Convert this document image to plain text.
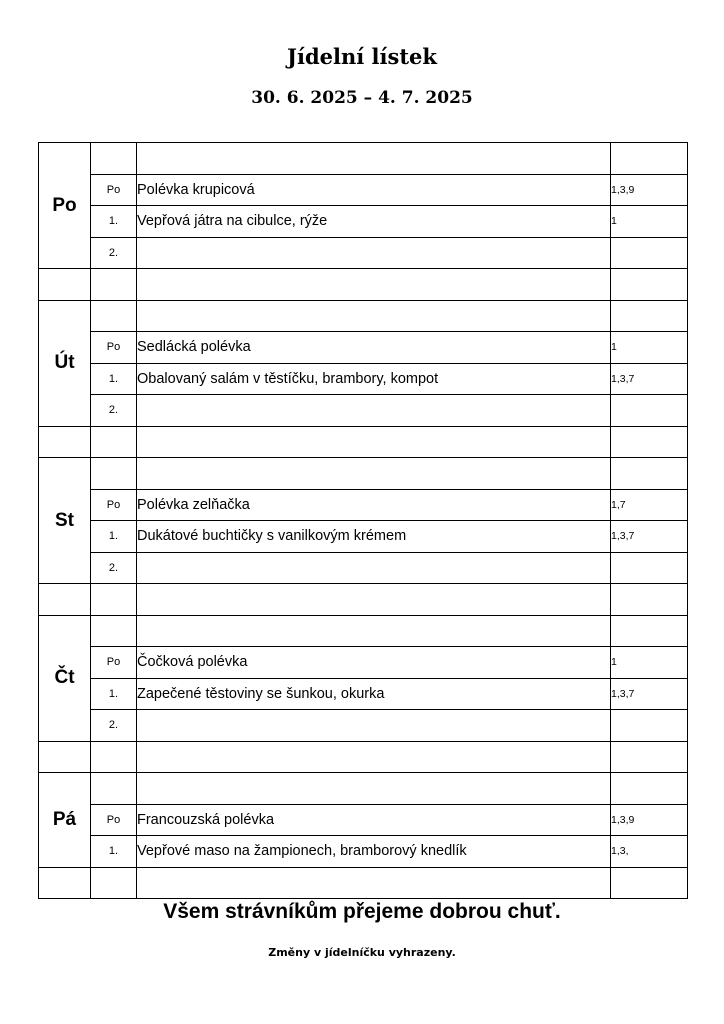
Jídelní lístek
30. 6. 2025 – 4. 7. 2025
Po			
	Po	Polévka krupicová	1,3,9
	1.	Vepřová játra na cibulce, rýže	1
	2.		

Út			
	Po	Sedlácká polévka	1
	1.	Obalovaný salám v těstíčku, brambory, kompot	1,3,7
	2.		

St			
	Po	Polévka zelňačka	1,7
	1.	Dukátové buchtičky s vanilkovým krémem	1,3,7
	2.		

Čt			
	Po	Čočková polévka	1
	1.	Zapečené těstoviny se šunkou, okurka	1,3,7
	2.		

Pá			
	Po	Francouzská polévka	1,3,9
	1.	Vepřové maso na žampionech, bramborový knedlík	1,3,

Všem strávníkům přejeme dobrou chuť.
Změny v jídelníčku vyhrazeny.
